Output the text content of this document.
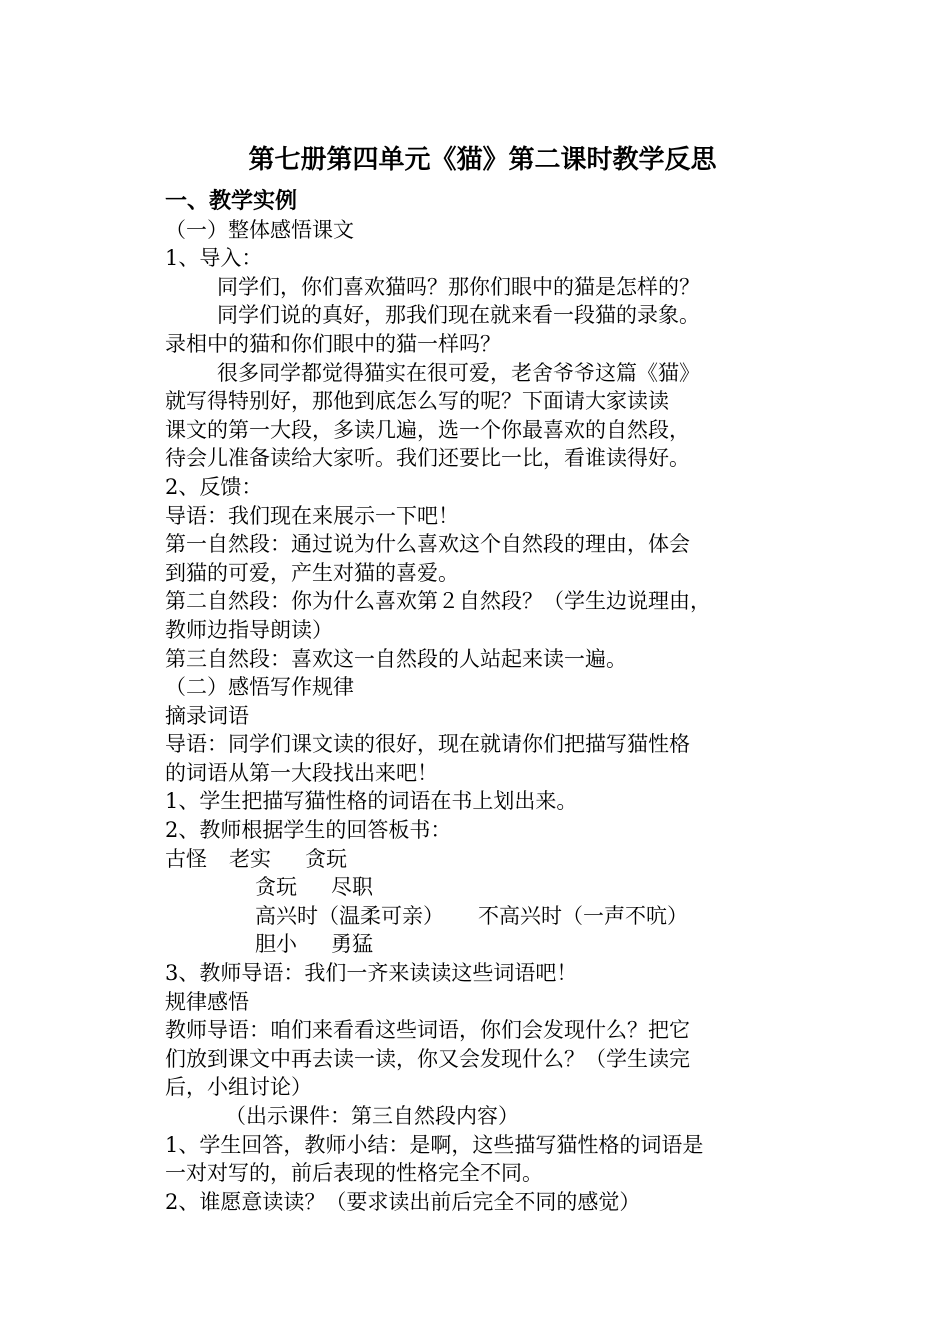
第七册第四单元《猫》第二课时教学反思
一、教学实例
（一）整体感悟课文
1、导入：
同学们，你们喜欢猫吗？那你们眼中的猫是怎样的？
同学们说的真好，那我们现在就来看一段猫的录象。
录相中的猫和你们眼中的猫一样吗？
很多同学都觉得猫实在很可爱，老舍爷爷这篇《猫》
就写得特别好，那他到底怎么写的呢？下面请大家读读
课文的第一大段，多读几遍，选一个你最喜欢的自然段，
待会儿准备读给大家听。我们还要比一比，看谁读得好。
2、反馈：
导语：我们现在来展示一下吧！
第一自然段：通过说为什么喜欢这个自然段的理由，体会
到猫的可爱，产生对猫的喜爱。
第二自然段：你为什么喜欢第２自然段？（学生边说理由，
教师边指导朗读）
第三自然段：喜欢这一自然段的人站起来读一遍。
（二）感悟写作规律
摘录词语
导语：同学们课文读的很好，现在就请你们把描写猫性格
的词语从第一大段找出来吧！
1、学生把描写猫性格的词语在书上划出来。
2、教师根据学生的回答板书：
古怪 老实 贪玩
贪玩 尽职
高兴时（温柔可亲） 不高兴时（一声不吭）
胆小 勇猛
3、教师导语：我们一齐来读读这些词语吧！
规律感悟
教师导语：咱们来看看这些词语，你们会发现什么？把它
们放到课文中再去读一读，你又会发现什么？（学生读完
后，小组讨论）
（出示课件：第三自然段内容）
1、学生回答，教师小结：是啊，这些描写猫性格的词语是
一对对写的，前后表现的性格完全不同。
2、谁愿意读读？（要求读出前后完全不同的感觉）
